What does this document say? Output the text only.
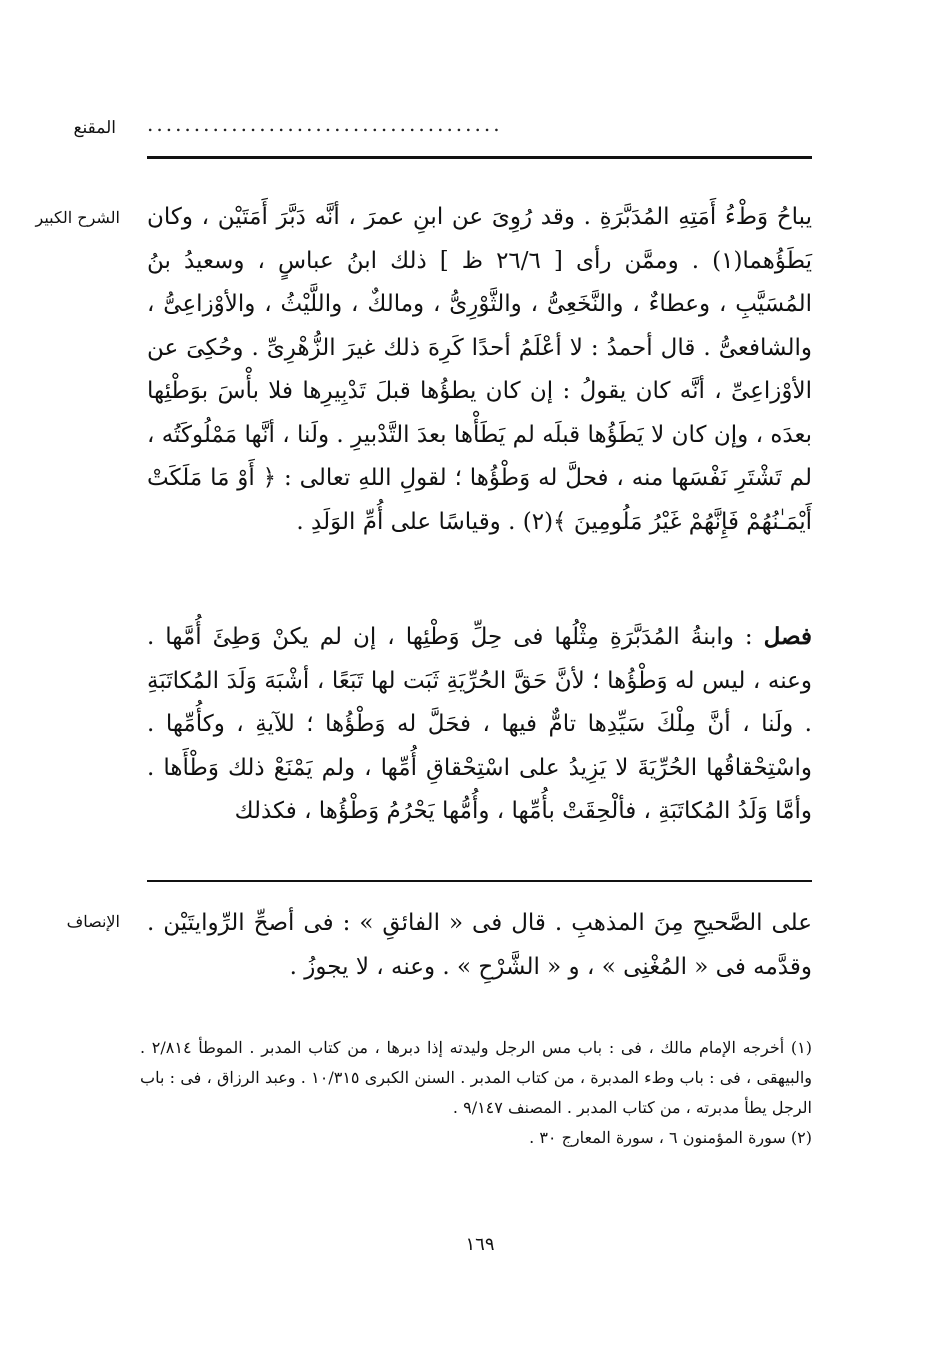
المقنع ......................................
الشرح الكبير يباحُ وَطْءُ أَمَتِهِ المُدَبَّرَةِ . وقد رُوِىَ عن ابنِ عمرَ ، أنَّه دَبَّرَ أَمَتَيْن ، وكان يَطَؤُهما(١) . وممَّن رأى [ ٢٦/٦ ظ ] ذلك ابنُ عباسٍ ، وسعيدُ بنُ المُسَيَّبِ ، وعطاءٌ ، والنَّخَعِىُّ ، والثَّوْرِىُّ ، ومالكٌ ، واللَّيْثُ ، والأوْزاعِىُّ ، والشافعىُّ . قال أحمدُ : لا أعْلَمُ أحدًا كَرِهَ ذلك غيرَ الزُّهْرِىِّ . وحُكِىَ عن الأوْزاعِىِّ ، أنَّه كان يقولُ : إن كان يطؤُها قبلَ تَدْبِيرِها فلا بأْسَ بوَطْئِها بعدَه ، وإن كان لا يَطَؤُها قبلَه لم يَطَأْها بعدَ التَّدْبيرِ . ولَنا ، أنَّها مَمْلُوكَتُه ، لم تَشْتَرِ نَفْسَها منه ، فحلَّ له وَطْؤُها ؛ لقولِ اللهِ تعالى : ﴿ أَوْ مَا مَلَكَتْ أَيْمَـٰنُهُمْ فَإِنَّهُمْ غَيْرُ مَلُومِينَ ﴾(٢) . وقياسًا على أُمِّ الوَلَدِ .

فصل : وابنةُ المُدَبَّرَةِ مِثْلُها فى حِلِّ وَطْئِها ، إن لم يكنْ وَطِئَ أُمَّها . وعنه ، ليس له وَطْؤُها ؛ لأنَّ حَقَّ الحُرِّيَةِ ثَبَت لها تَبَعًا ، أشْبَهَ وَلَدَ المُكاتَبَةِ . ولَنا ، أنَّ مِلْكَ سَيِّدِها تامٌّ فيها ، فحَلَّ له وَطْؤُها ؛ للآيةِ ، وكأُمِّها . واسْتِحْقاقُها الحُرِّيَةَ لا يَزِيدُ على اسْتِحْقاقِ أُمِّها ، ولم يَمْنَعْ ذلك وَطْأَها . وأمَّا وَلَدُ المُكاتَبَةِ ، فألْحِقَتْ بأُمِّها ، وأُمُّها يَحْرُمُ وَطْؤُها ، فكذلك

الإنصاف على الصَّحيحِ مِنَ المذهبِ . قال فى « الفائقِ » : فى أصحِّ الرِّوايتَيْن . وقدَّمه فى « المُغْنِى » ، و « الشَّرْحِ » . وعنه ، لا يجوزُ .

(١) أخرجه الإمام مالك ، فى : باب مس الرجل وليدته إذا دبرها ، من كتاب المدبر . الموطأ ٢/٨١٤ . والبيهقى ، فى : باب وطء المدبرة ، من كتاب المدبر . السنن الكبرى ١٠/٣١٥ . وعبد الرزاق ، فى : باب الرجل يطأ مدبرته ، من كتاب المدبر . المصنف ٩/١٤٧ .

(٢) سورة المؤمنون ٦ ، سورة المعارج ٣٠ .

١٦٩
